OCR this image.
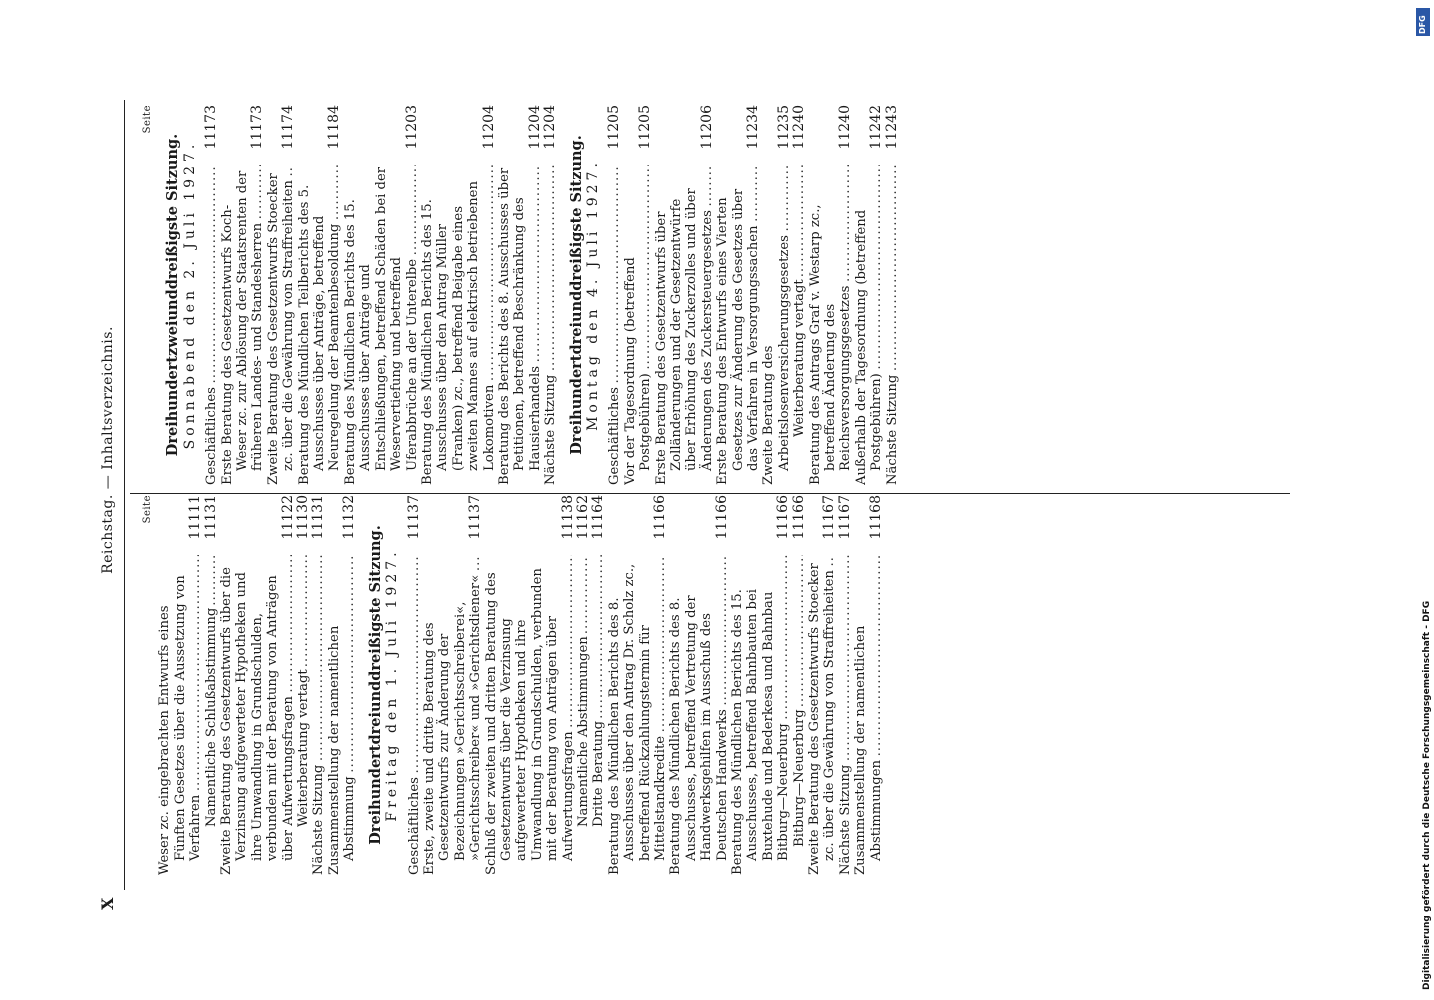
X
Reichstag. — Inhaltsverzeichnis.	Seite
Weser zc. eingebrachten Entwurfs eines Fünften Gesetzes über die Aussetzung von Verfahren .....
11111
Namentliche Schlußabstimmung .....
11131
Zweite Beratung des Gesetzentwurfs über die Verzinsung aufgewerteter Hypotheken und ihre Umwandlung in Grundschulden, verbunden mit der Beratung von Anträgen über Aufwertungsfragen .....
11122
Weiterberatung vertagt .....
11130
Nächste Sitzung .....
11131
Zusammenstellung der namentlichen Abstimmung .....
11132
Dreihundertdreiunddreißigste Sitzung. Freitag den 1. Juli 1927.
Geschäftliches .....
11137
Erste, zweite und dritte Beratung des Gesetzentwurfs zur Änderung der Bezeichnungen »Gerichtsschreiberei«, »Gerichtsschreiber« und »Gerichtsdiener« .....
11137
Schluß der zweiten und dritten Beratung des Gesetzentwurfs über die Verzinsung aufgewerteter Hypotheken und ihre Umwandlung in Grundschulden, verbunden mit der Beratung von Anträgen über Aufwertungsfragen .....
11138
Namentliche Abstimmungen .....
11162
Dritte Beratung .....
11164
Beratung des Mündlichen Berichts des 8. Ausschusses über den Antrag Dr. Scholz zc., betreffend Rückzahlungstermin für Mittelstandkredite .....
11166
Beratung des Mündlichen Berichts des 8. Ausschusses, betreffend Vertretung der Handwerksgehilfen im Ausschuß des Deutschen Handwerks .....
11166
Beratung des Mündlichen Berichts des 15. Ausschusses, betreffend Bahnbauten bei Buxtehude und Bederkesa und Bahnbau Bitburg—Neuerburg .....
11166
Bitburg—Neuerburg .....
11166
Zweite Beratung des Gesetzentwurfs Stoecker zc. über die Gewährung von Straffreiheiten .....
11167
Nächste Sitzung .....
11167
Zusammenstellung der namentlichen Abstimmungen .....
11168
Seite
Dreihundertzweiunddreißigste Sitzung. Sonnabend den 2. Juli 1927. Geschäftliches .....
11173
Erste Beratung des Gesetzentwurfs Koch-Weser zc. zur Ablösung der Staatsrenten der früheren Landes- und Standesherren .....
11173
Zweite Beratung des Gesetzentwurfs Stoecker zc. über die Gewährung von Straffreiheiten .....
11174
Beratung des Mündlichen Teilberichts des 5. Ausschusses über Anträge, betreffend Neuregelung der Beamtenbesoldung .....
11184
Beratung des Mündlichen Berichts des 15. Ausschusses über Anträge und Entschließungen, betreffend Schäden bei der Weservertiefung und betreffend Uferabbrüche an der Unterelbe .....
11203
Beratung des Mündlichen Berichts des 15. Ausschusses über den Antrag Müller (Franken) zc., betreffend Beigabe eines zweiten Mannes auf elektrisch betriebenen Lokomotiven .....
11204
Beratung des Berichts des 8. Ausschusses über Petitionen, betreffend Beschränkung des Hausierhandels .....
11204
Nächste Sitzung .....
11204
Dreihundertdreiunddreißigste Sitzung. Montag den 4. Juli 1927.
Geschäftliches .....
11205
Vor der Tagesordnung (betreffend Postgebühren) .....
11205
Erste Beratung des Gesetzentwurfs über Zolländerungen und der Gesetzentwürfe über Erhöhung des Zuckerzolles und über Änderungen des Zuckersteuergesetzes .....
11206
Erste Beratung des Entwurfs eines Vierten Gesetzes zur Änderung des Gesetzes über das Verfahren in Versorgungssachen .....
11234
Zweite Beratung des Arbeitslosenversicherungsgesetzes .....
11235
Weiterberatung vertagt .....
11240
Beratung des Antrags Graf v. Westarp zc., betreffend Änderung des Reichsversorgungsgesetzes .....
11240
Außerhalb der Tagesordnung (betreffend Postgebühren) .....
11242
Nächste Sitzung .....
11243
DFG
Digitalisierung gefördert durch die Deutsche Forschungsgemeinschaft - DFG
